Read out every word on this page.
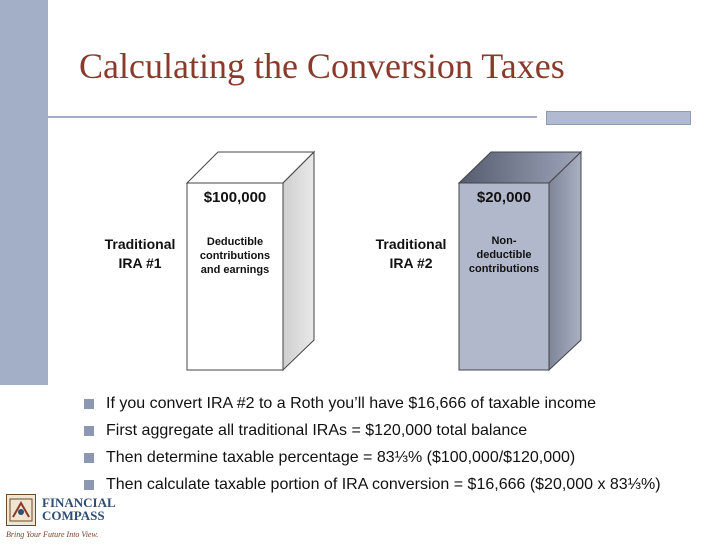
Calculating the Conversion Taxes
$100,000
Traditional
IRA #1
Deductible
contributions
and earnings
$20,000
Traditional
IRA #2
Non-
deductible
contributions
If you convert IRA #2 to a Roth you’ll have $16,666 of taxable income
First aggregate all traditional IRAs = $120,000 total balance
Then determine taxable percentage = 83⅓% ($100,000/$120,000)
Then calculate taxable portion of IRA conversion = $16,666 ($20,000 x 83⅓%)
FINANCIAL
COMPASS
Bring Your Future Into View.
